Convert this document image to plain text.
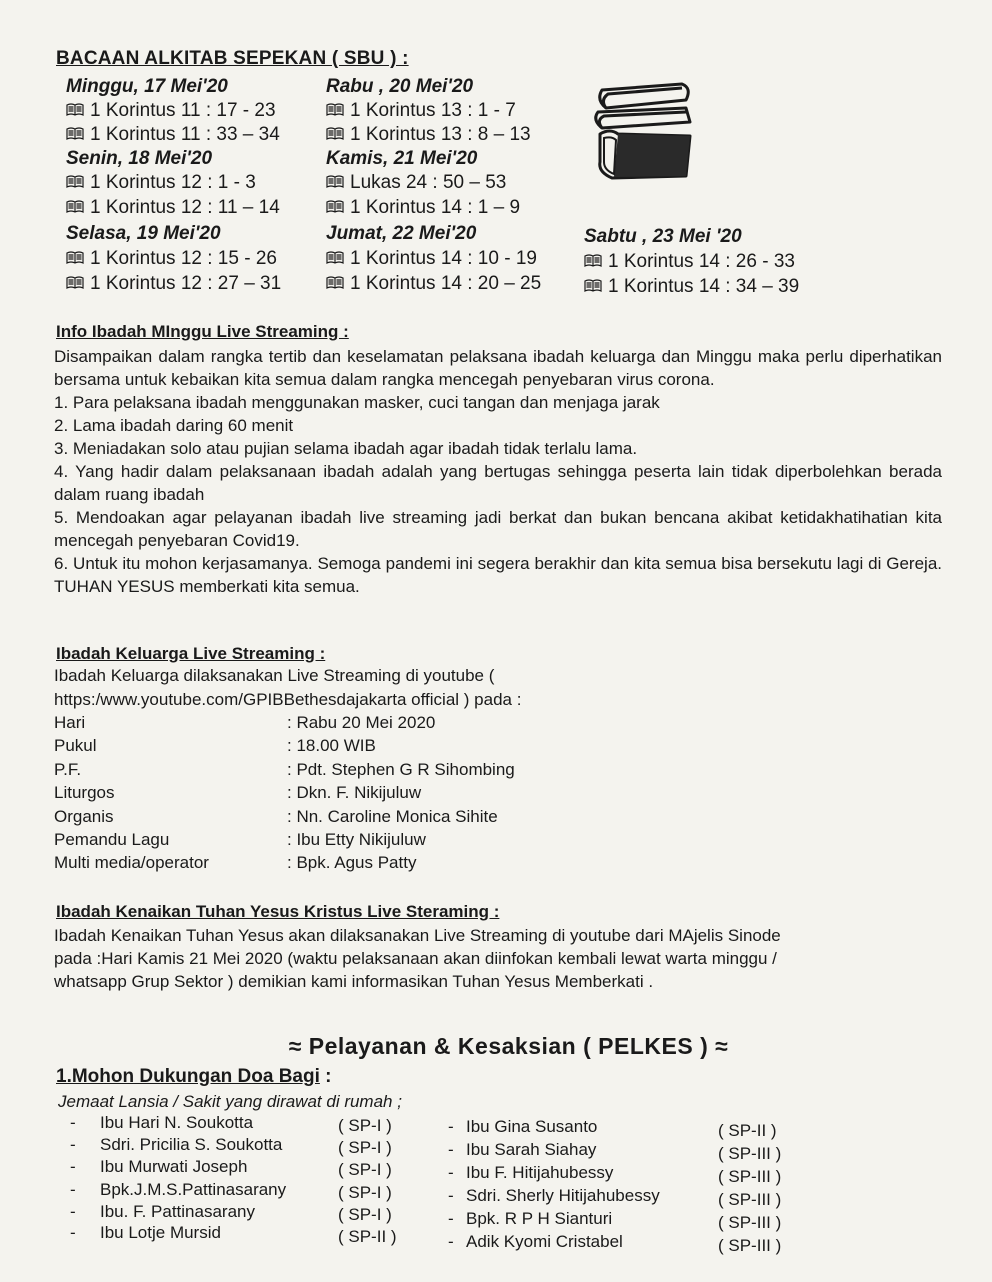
BACAAN ALKITAB SEPEKAN ( SBU ) :
Minggu, 17 Mei'20
1 Korintus 11 : 17 - 23
1 Korintus 11 : 33 – 34
Senin, 18 Mei'20
1 Korintus 12 : 1 - 3
1 Korintus 12 : 11 – 14
Selasa, 19 Mei'20
1 Korintus 12 : 15 - 26
1 Korintus 12 : 27 – 31
Rabu , 20 Mei'20
1 Korintus 13 : 1 - 7
1 Korintus 13 : 8 – 13
Kamis, 21 Mei'20
Lukas 24 : 50 – 53
1 Korintus 14 : 1 – 9
Jumat, 22 Mei'20
1 Korintus 14 : 10 - 19
1 Korintus 14 : 20 – 25
Sabtu , 23 Mei '20
1 Korintus 14 : 26 - 33
1 Korintus 14 : 34 – 39
Info Ibadah MInggu Live Streaming :

Disampaikan dalam rangka tertib dan keselamatan pelaksana ibadah keluarga dan Minggu maka perlu diperhatikan bersama untuk kebaikan kita semua dalam rangka mencegah penyebaran virus corona.

1. Para pelaksana ibadah menggunakan masker, cuci tangan dan menjaga jarak

2. Lama ibadah daring 60 menit

3. Meniadakan solo atau pujian selama ibadah agar ibadah tidak terlalu lama.

4. Yang hadir dalam pelaksanaan ibadah adalah yang bertugas sehingga peserta lain tidak diperbolehkan berada dalam ruang ibadah

5. Mendoakan agar pelayanan ibadah live streaming jadi berkat dan bukan bencana akibat ketidakhatihatian kita mencegah penyebaran Covid19.

6. Untuk itu mohon kerjasamanya. Semoga pandemi ini segera berakhir dan kita semua bisa bersekutu lagi di Gereja. TUHAN YESUS memberkati kita semua.

Ibadah Keluarga Live Streaming :
Ibadah Keluarga dilaksanakan Live Streaming di youtube (
https:/www.youtube.com/GPIBBethesdajakarta official ) pada :
Hari	: Rabu 20 Mei 2020
Pukul	: 18.00 WIB
P.F.	: Pdt. Stephen G R Sihombing
Liturgos	: Dkn. F. Nikijuluw
Organis	: Nn. Caroline Monica Sihite
Pemandu Lagu	: Ibu Etty Nikijuluw
Multi media/operator	: Bpk. Agus Patty
Ibadah Kenaikan Tuhan Yesus Kristus Live Steraming :
Ibadah Kenaikan Tuhan Yesus akan dilaksanakan Live Streaming di youtube dari MAjelis Sinode
pada :Hari Kamis 21 Mei 2020 (waktu pelaksanaan akan diinfokan kembali lewat warta minggu /
whatsapp Grup Sektor ) demikian kami informasikan Tuhan Yesus Memberkati .
≈ Pelayanan & Kesaksian ( PELKES ) ≈
1.Mohon Dukungan Doa Bagi :
Jemaat Lansia / Sakit yang dirawat di rumah ;
- Ibu Hari N. Soukotta	( SP-I )
- Sdri. Pricilia S. Soukotta	( SP-I )
- Ibu Murwati Joseph	( SP-I )
- Bpk.J.M.S.Pattinasarany	( SP-I )
- Ibu. F. Pattinasarany	( SP-I )
- Ibu Lotje Mursid	( SP-II )
- Ibu Gina Susanto	( SP-II )
- Ibu Sarah Siahay	( SP-III )
- Ibu F. Hitijahubessy	( SP-III )
- Sdri. Sherly Hitijahubessy	( SP-III )
- Bpk. R P H Sianturi	( SP-III )
- Adik Kyomi Cristabel	( SP-III )
